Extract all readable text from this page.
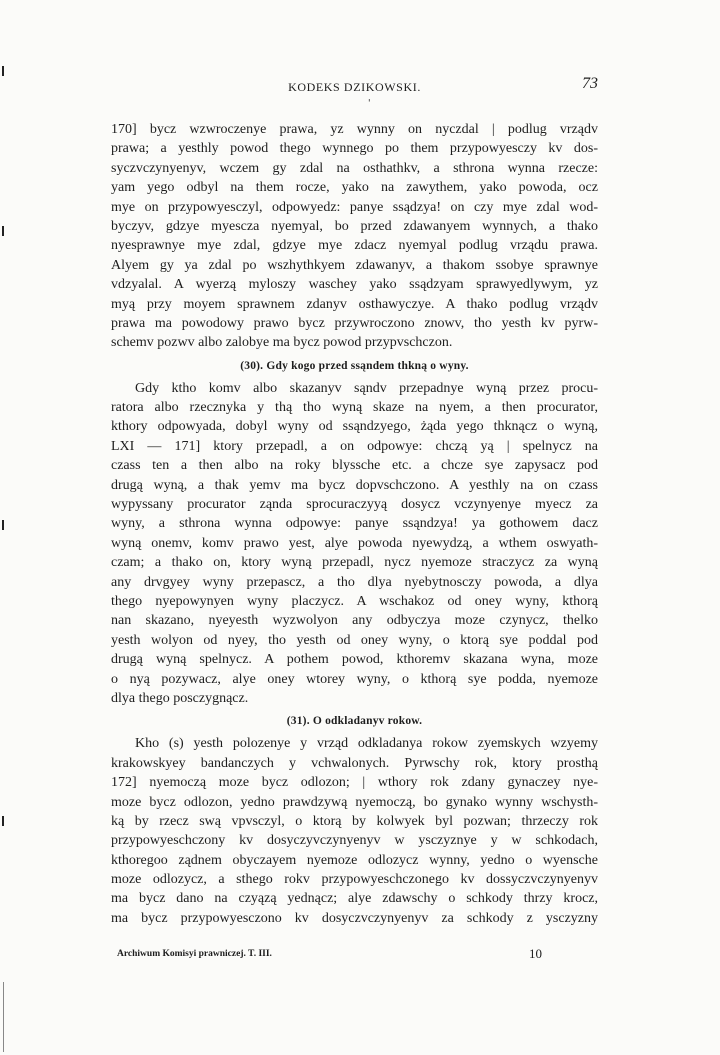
KODEKS DZIKOWSKI.	73
'
170] bycz wzwroczenye prawa, yz wynny on nyczdal | podlug vrządv
prawa; a yesthly powod thego wynnego po them przypowyesczy kv dos-
syczvczynyenyv, wczem gy zdal na osthathkv, a sthrona wynna rzecze:
yam yego odbyl na them rocze, yako na zawythem, yako powoda, ocz
mye on przypowyesczyl, odpowyedz: panye ssądzya! on czy mye zdal wod-
byczyv, gdzye myescza nyemyal, bo przed zdawanyem wynnych, a thako
nyesprawnye mye zdal, gdzye mye zdacz nyemyal podlug vrządu prawa.
Alyem gy ya zdal po wszhythkyem zdawanyv, a thakom ssobye sprawnye
vdzyalal. A wyerzą myloszy waschey yako ssądzyam sprawyedlywym, yz
myą przy moyem sprawnem zdanyv osthawyczye. A thako podlug vrządv
prawa ma powodowy prawo bycz przywroczono znowv, tho yesth kv pyrw-
schemv pozwv albo zalobye ma bycz powod przypvschczon.
(30). Gdy kogo przed ssąndem thkną o wyny.
Gdy ktho komv albo skazanyv sąndv przepadnye wyną przez procu-
ratora albo rzecznyka y thą tho wyną skaze na nyem, a then procurator,
kthory odpowyada, dobyl wyny od ssąndzyego, żąda yego thknącz o wyną,
LXI — 171] ktory przepadl, a on odpowye: chczą yą | spelnycz na
czass ten a then albo na roky blyssche etc. a chcze sye zapysacz pod
drugą wyną, a thak yemv ma bycz dopvschczono. A yesthly na on czass
wypyssany procurator ząnda sprocuraczyyą dosycz vczynyenye myecz za
wyny, a sthrona wynna odpowye: panye ssąndzya! ya gothowem dacz
wyną onemv, komv prawo yest, alye powoda nyewydzą, a wthem oswyath-
czam; a thako on, ktory wyną przepadl, nycz nyemoze straczycz za wyną
any drvgyey wyny przepascz, a tho dlya nyebytnosczy powoda, a dlya
thego nyepowynyen wyny placzycz. A wschakoz od oney wyny, kthorą
nan skazano, nyeyesth wyzwolyon any odbyczya moze czynycz, thelko
yesth wolyon od nyey, tho yesth od oney wyny, o ktorą sye poddal pod
drugą wyną spelnycz. A pothem powod, kthoremv skazana wyna, moze
o nyą pozywacz, alye oney wtorey wyny, o kthorą sye podda, nyemoze
dlya thego posczygnącz.
(31). O odkladanyv rokow.
Kho (s) yesth polozenye y vrząd odkladanya rokow zyemskych wzyemy
krakowskyey bandanczych y vchwalonych. Pyrwschy rok, ktory prosthą
172] nyemoczą moze bycz odlozon; | wthory rok zdany gynaczey nye-
moze bycz odlozon, yedno prawdzywą nyemoczą, bo gynako wynny wschysth-
ką by rzecz swą vpvsczyl, o ktorą by kolwyek byl pozwan; thrzeczy rok
przypowyeschczony kv dosyczyvczynyenyv w ysczyznye y w schkodach,
kthoregoo ządnem obyczayem nyemoze odlozycz wynny, yedno o wyensche
moze odlozycz, a sthego rokv przypowyeschczonego kv dossyczvczynyenyv
ma bycz dano na czyązą yednącz; alye zdawschy o schkody thrzy krocz,
ma bycz przypowyesczono kv dosyczvczynyenyv za schkody z ysczyzny
Archiwum Komisyi prawniczej. T. III.	10
